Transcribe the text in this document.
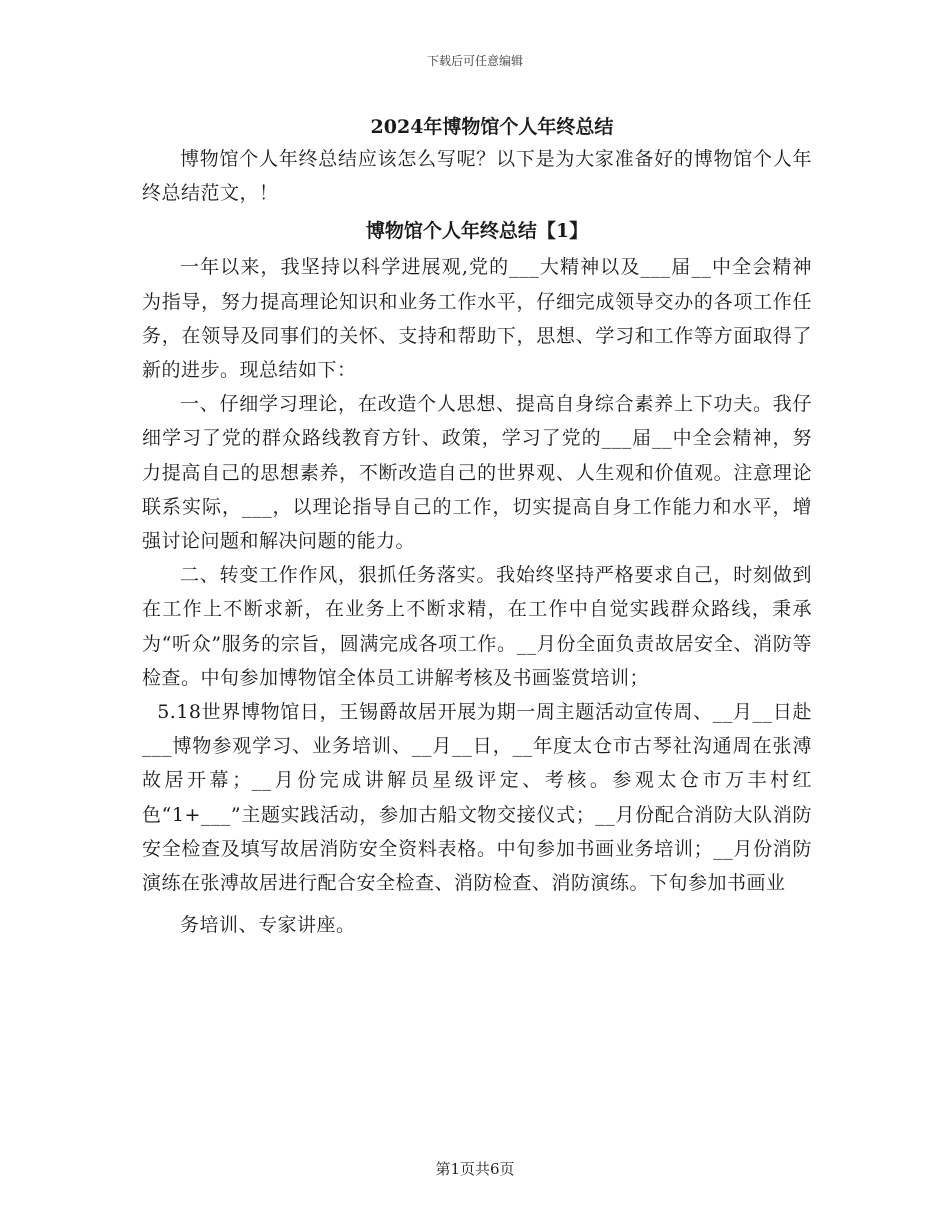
下载后可任意编辑
2024年博物馆个人年终总结

博物馆个人年终总结应该怎么写呢？以下是为大家准备好的博物馆个人年终总结范文，！

博物馆个人年终总结【1】

一年以来，我坚持以科学进展观,党的___大精神以及___届__中全会精神为指导，努力提高理论知识和业务工作水平，仔细完成领导交办的各项工作任务，在领导及同事们的关怀、支持和帮助下，思想、学习和工作等方面取得了新的进步。现总结如下：

一、仔细学习理论，在改造个人思想、提高自身综合素养上下功夫。我仔细学习了党的群众路线教育方针、政策，学习了党的___届__中全会精神，努力提高自己的思想素养，不断改造自己的世界观、人生观和价值观。注意理论联系实际，___，以理论指导自己的工作，切实提高自身工作能力和水平，增强讨论问题和解决问题的能力。

二、转变工作作风，狠抓任务落实。我始终坚持严格要求自己，时刻做到在工作上不断求新，在业务上不断求精，在工作中自觉实践群众路线，秉承为“听众”服务的宗旨，圆满完成各项工作。__月份全面负责故居安全、消防等检查。中旬参加博物馆全体员工讲解考核及书画鉴赏培训；

5.18世界博物馆日，王锡爵故居开展为期一周主题活动宣传周、__月__日赴___博物参观学习、业务培训、__月__日，__年度太仓市古琴社沟通周在张溥故居开幕；__月份完成讲解员星级评定、考核。参观太仓市万丰村红色“1+___”主题实践活动，参加古船文物交接仪式；__月份配合消防大队消防安全检查及填写故居消防安全资料表格。中旬参加书画业务培训；__月份消防演练在张溥故居进行配合安全检查、消防检查、消防演练。下旬参加书画业

务培训、专家讲座。

第1页共6页
